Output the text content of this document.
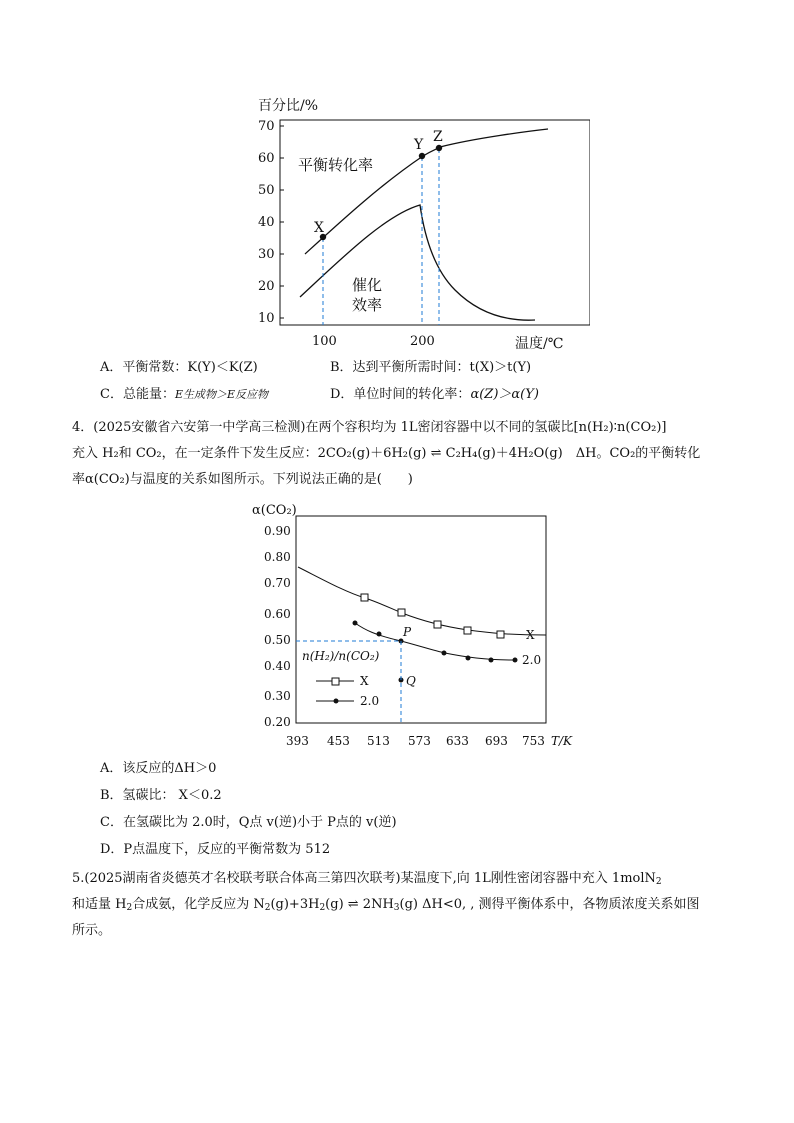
百分比/%
70
60
50
40
30
20
10
100	200	温度/℃
X
Y Z
平衡转化率
催化
效率
A．平衡常数：K(Y)＜K(Z)	B．达到平衡所需时间：t(X)＞t(Y)
C．总能量：E生成物＞E反应物	D．单位时间的转化率：α(Z)＞α(Y)
4．(2025安徽省六安第一中学高三检测)在两个容积均为 1L密闭容器中以不同的氢碳比[n(H₂)∶n(CO₂)]
充入 H₂和 CO₂，在一定条件下发生反应：2CO₂(g)＋6H₂(g) ⇌ C₂H₄(g)＋4H₂O(g)　ΔH。CO₂的平衡转化
率α(CO₂)与温度的关系如图所示。下列说法正确的是(　　)
α(CO₂)
0.90
0.80
0.70
0.60
0.50
0.40
0.30
0.20
393 453 513 573 633 693 753 T/K
X
2.0
P
Q
n(H₂)/n(CO₂)
X
2.0
A．该反应的ΔH＞0
B．氢碳比： X＜0.2
C．在氢碳比为 2.0时，Q点 v(逆)小于 P点的 v(逆)
D．P点温度下，反应的平衡常数为 512
5.(2025湖南省炎德英才名校联考联合体高三第四次联考)某温度下,向 1L刚性密闭容器中充入 1molN$_2$
和适量 $H_2$合成氨，化学反应为 $N_2(g)+3H_2(g)$ ⇌ $2NH_3(g)$ ΔH<0, , 测得平衡体系中，各物质浓度关系如图
所示。
